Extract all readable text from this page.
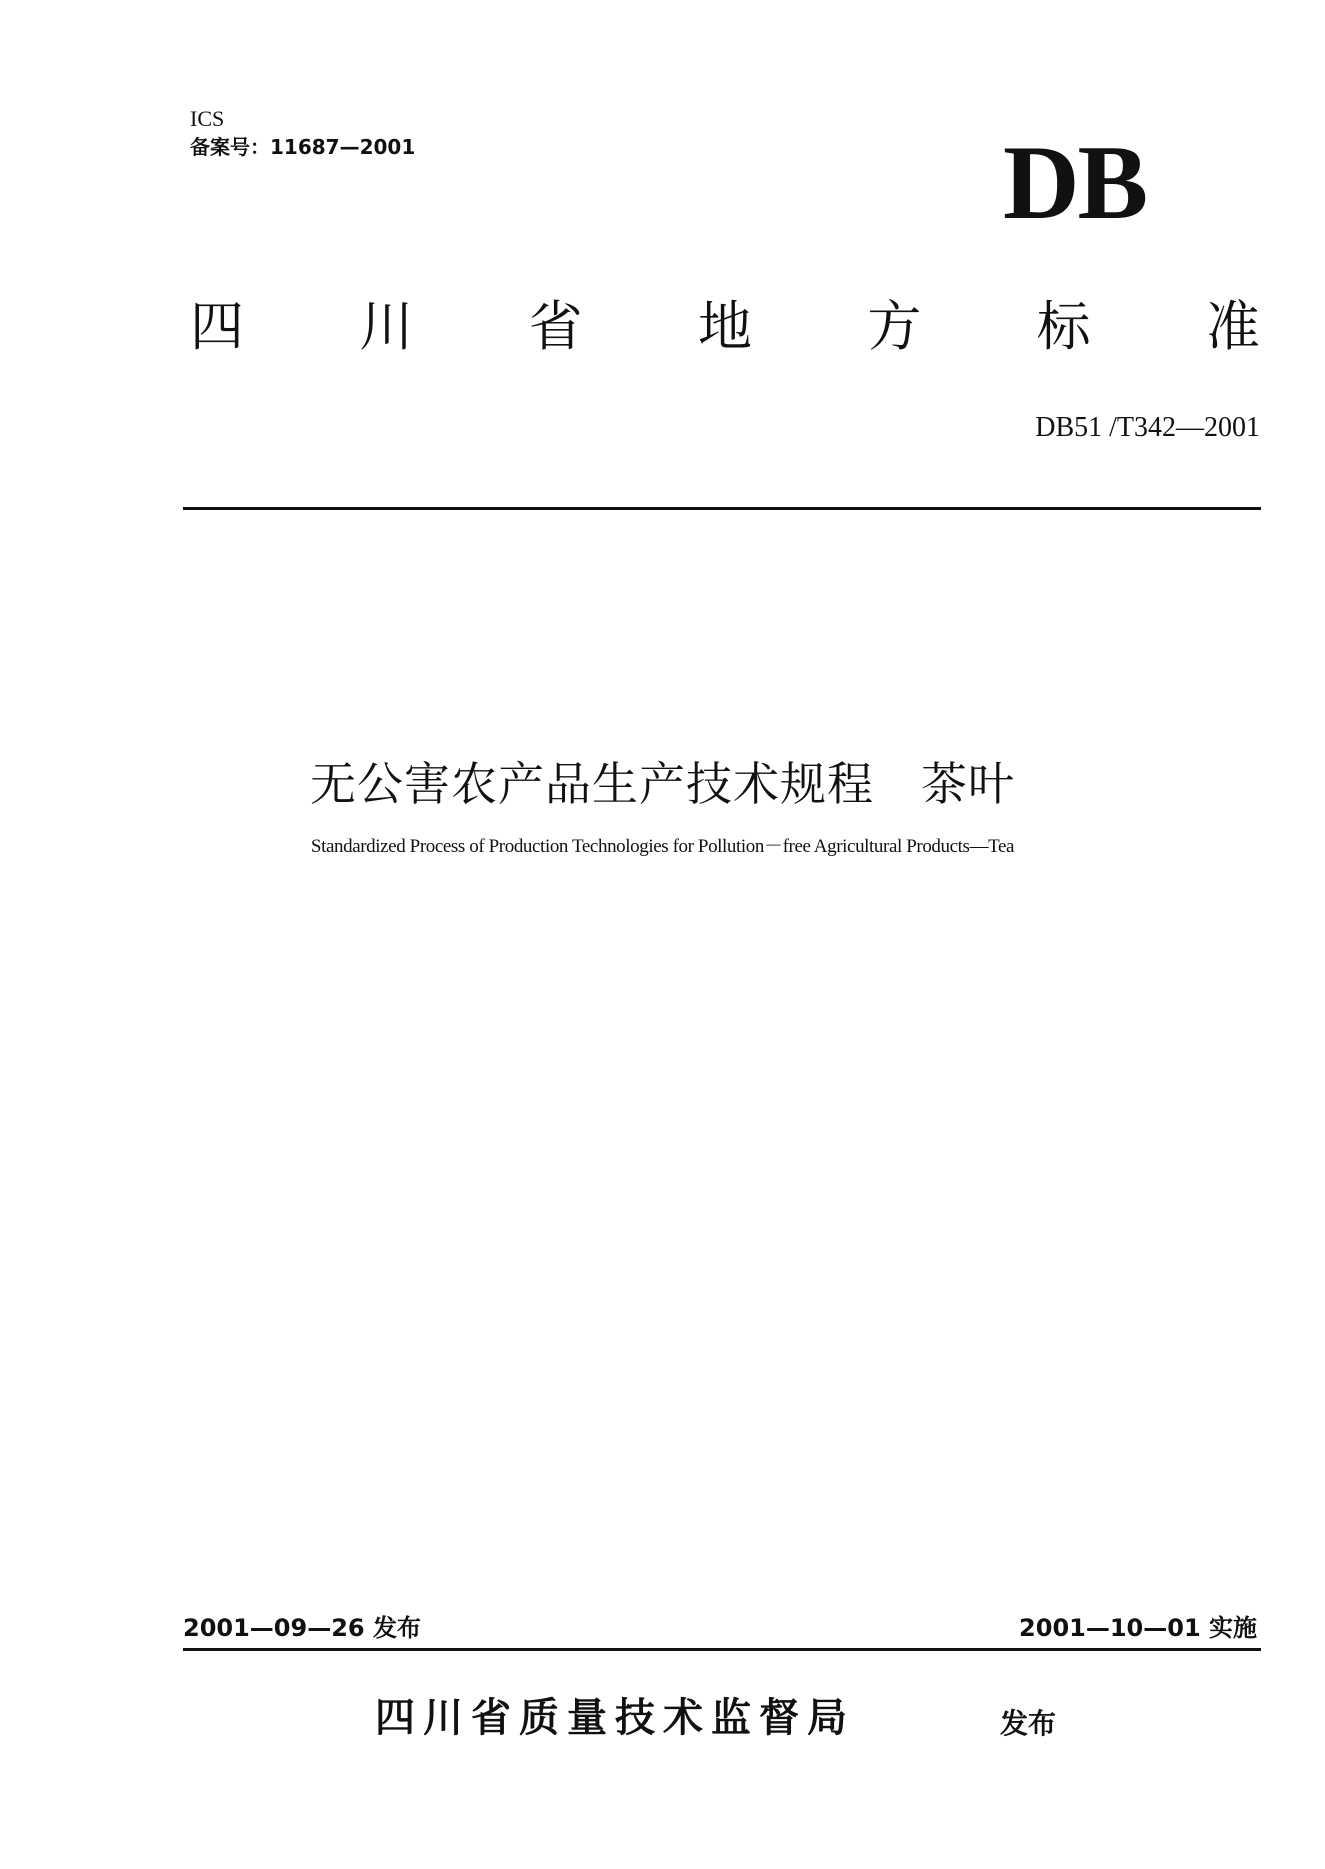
ICS
备案号：11687—2001	DB
四 川 省 地 方 标 准
DB51 /T342—2001
无公害农产品生产技术规程　茶叶
Standardized Process of Production Technologies for Pollution－free Agricultural Products—Tea
2001—09—26 发布	2001—10—01 实施
四川省质量技术监督局	发布
